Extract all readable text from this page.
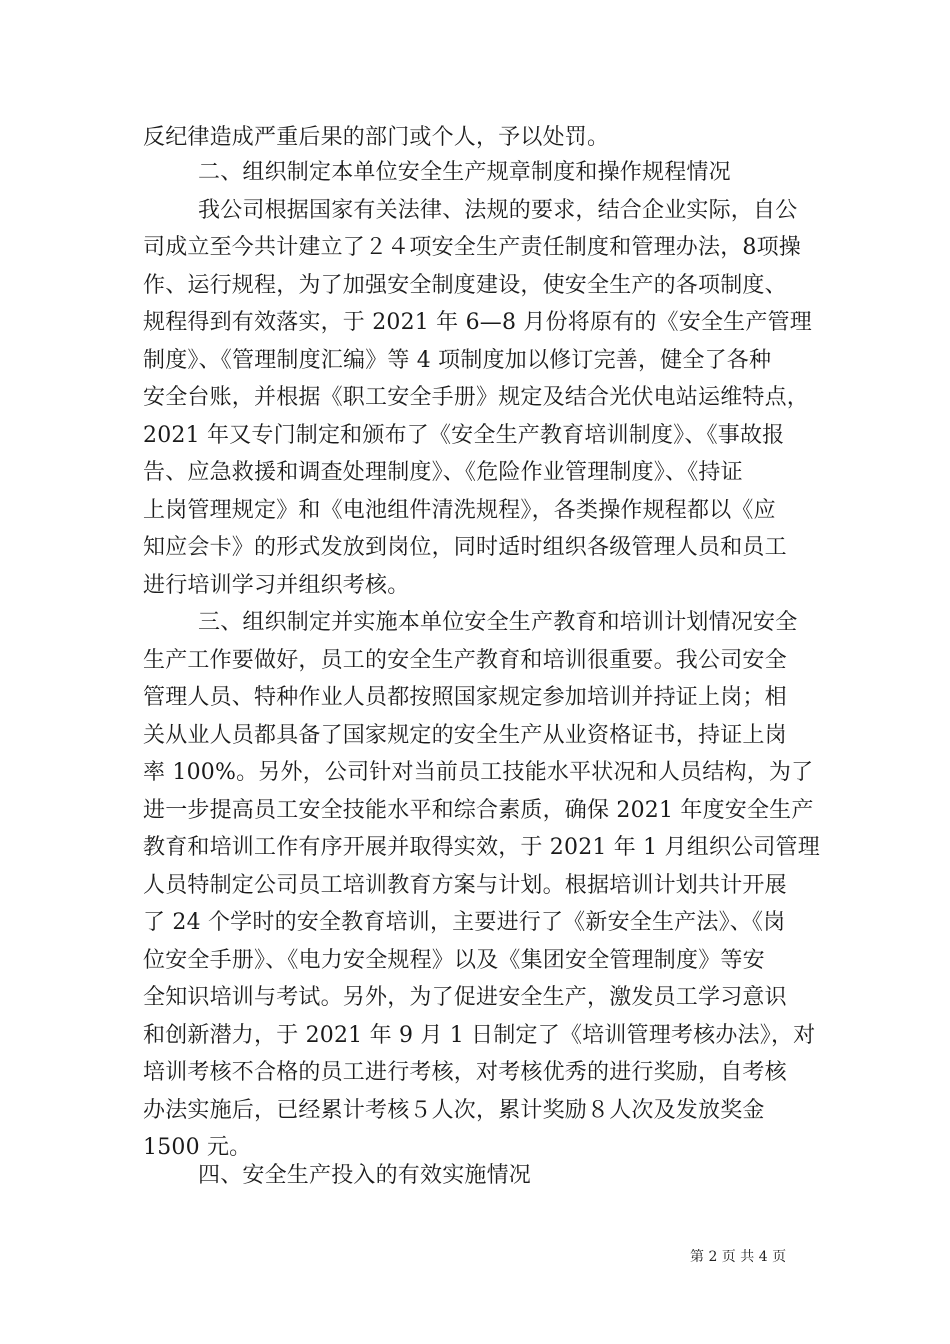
反纪律造成严重后果的部门或个人，予以处罚。
二、组织制定本单位安全生产规章制度和操作规程情况
我公司根据国家有关法律、法规的要求，结合企业实际，自公
司成立至今共计建立了２４项安全生产责任制度和管理办法，8项操
作、运行规程，为了加强安全制度建设，使安全生产的各项制度、
规程得到有效落实，于 2021 年 6—8 月份将原有的《安全生产管理
制度》、《管理制度汇编》等 4 项制度加以修订完善，健全了各种
安全台账，并根据《职工安全手册》规定及结合光伏电站运维特点，
2021 年又专门制定和颁布了《安全生产教育培训制度》、《事故报
告、应急救援和调查处理制度》、《危险作业管理制度》、《持证
上岗管理规定》和《电池组件清洗规程》，各类操作规程都以《应
知应会卡》的形式发放到岗位，同时适时组织各级管理人员和员工
进行培训学习并组织考核。
三、组织制定并实施本单位安全生产教育和培训计划情况安全
生产工作要做好，员工的安全生产教育和培训很重要。我公司安全
管理人员、特种作业人员都按照国家规定参加培训并持证上岗；相
关从业人员都具备了国家规定的安全生产从业资格证书，持证上岗
率 100%。另外，公司针对当前员工技能水平状况和人员结构，为了
进一步提高员工安全技能水平和综合素质，确保 2021 年度安全生产
教育和培训工作有序开展并取得实效，于 2021 年 1 月组织公司管理
人员特制定公司员工培训教育方案与计划。根据培训计划共计开展
了 24 个学时的安全教育培训，主要进行了《新安全生产法》、《岗
位安全手册》、《电力安全规程》以及《集团安全管理制度》等安
全知识培训与考试。另外，为了促进安全生产，激发员工学习意识
和创新潜力，于 2021 年 9 月 1 日制定了《培训管理考核办法》，对
培训考核不合格的员工进行考核，对考核优秀的进行奖励，自考核
办法实施后，已经累计考核５人次，累计奖励８人次及发放奖金
1500 元。
四、安全生产投入的有效实施情况
第 2 页 共 4 页
